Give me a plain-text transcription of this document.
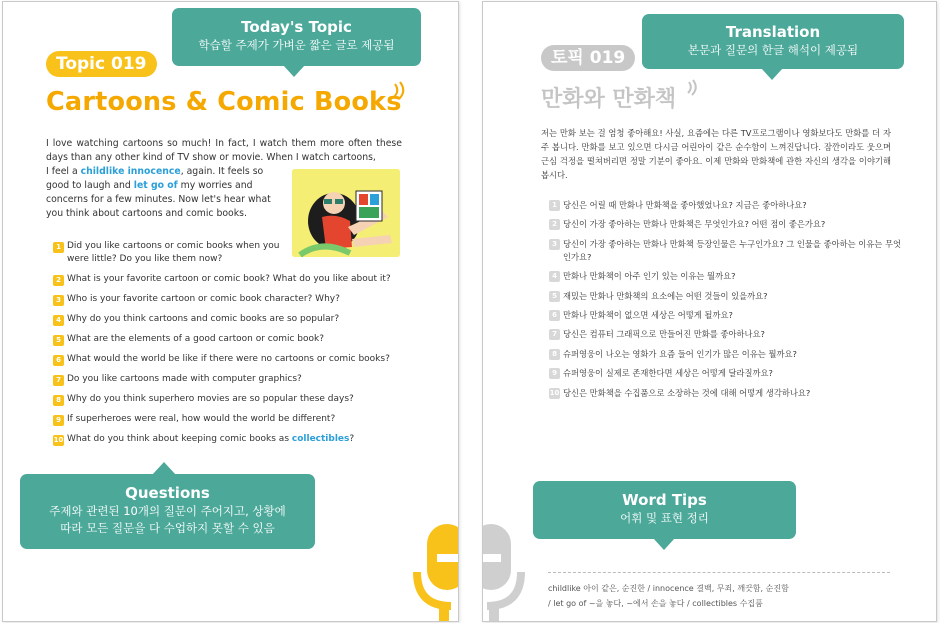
Topic 019
Cartoons & Comic Books
I love watching cartoons so much! In fact, I watch them more often these days than any other kind of TV show or movie. When I watch cartoons,
I feel a childlike innocence, again. It feels so good to laugh and let go of my worries and concerns for a few minutes. Now let's hear what you think about cartoons and comic books.
1 Did you like cartoons or comic books when you were little? Do you like them now?
2 What is your favorite cartoon or comic book? What do you like about it?
3 Who is your favorite cartoon or comic book character? Why?
4 Why do you think cartoons and comic books are so popular?
5 What are the elements of a good cartoon or comic book?
6 What would the world be like if there were no cartoons or comic books?
7 Do you like cartoons made with computer graphics?
8 Why do you think superhero movies are so popular these days?
9 If superheroes were real, how would the world be different?
10 What do you think about keeping comic books as collectibles?
토픽 019
만화와 만화책
저는 만화 보는 걸 엄청 좋아해요! 사실, 요즘에는 다른 TV프로그램이나 영화보다도 만화를 더 자주 봅니다. 만화를 보고 있으면 다시금 어린아이 같은 순수함이 느껴진답니다. 잠깐이라도 웃으며 근심 걱정을 떨쳐버리면 정말 기분이 좋아요. 이제 만화와 만화책에 관한 자신의 생각을 이야기해봅시다.
1 당신은 어릴 때 만화나 만화책을 좋아했었나요? 지금은 좋아하나요?
2 당신이 가장 좋아하는 만화나 만화책은 무엇인가요? 어떤 점이 좋은가요?
3 당신이 가장 좋아하는 만화나 만화책 등장인물은 누구인가요? 그 인물을 좋아하는 이유는 무엇인가요?
4 만화나 만화책이 아주 인기 있는 이유는 뭘까요?
5 재밌는 만화나 만화책의 요소에는 어떤 것들이 있을까요?
6 만화나 만화책이 없으면 세상은 어떻게 될까요?
7 당신은 컴퓨터 그래픽으로 만들어진 만화를 좋아하나요?
8 슈퍼영웅이 나오는 영화가 요즘 들어 인기가 많은 이유는 뭘까요?
9 슈퍼영웅이 실제로 존재한다면 세상은 어떻게 달라질까요?
10 당신은 만화책을 수집품으로 소장하는 것에 대해 어떻게 생각하나요?
childlike 아이 같은, 순진한 / innocence 결백, 무죄, 깨끗함, 순진함
/ let go of ~을 놓다, ~에서 손을 놓다 / collectibles 수집품
Today's Topic
학습할 주제가 가벼운 짧은 글로 제공됨
Translation
본문과 질문의 한글 해석이 제공됨
Questions
주제와 관련된 10개의 질문이 주어지고, 상황에
따라 모든 질문을 다 수업하지 못할 수 있음
Word Tips
어휘 및 표현 정리
